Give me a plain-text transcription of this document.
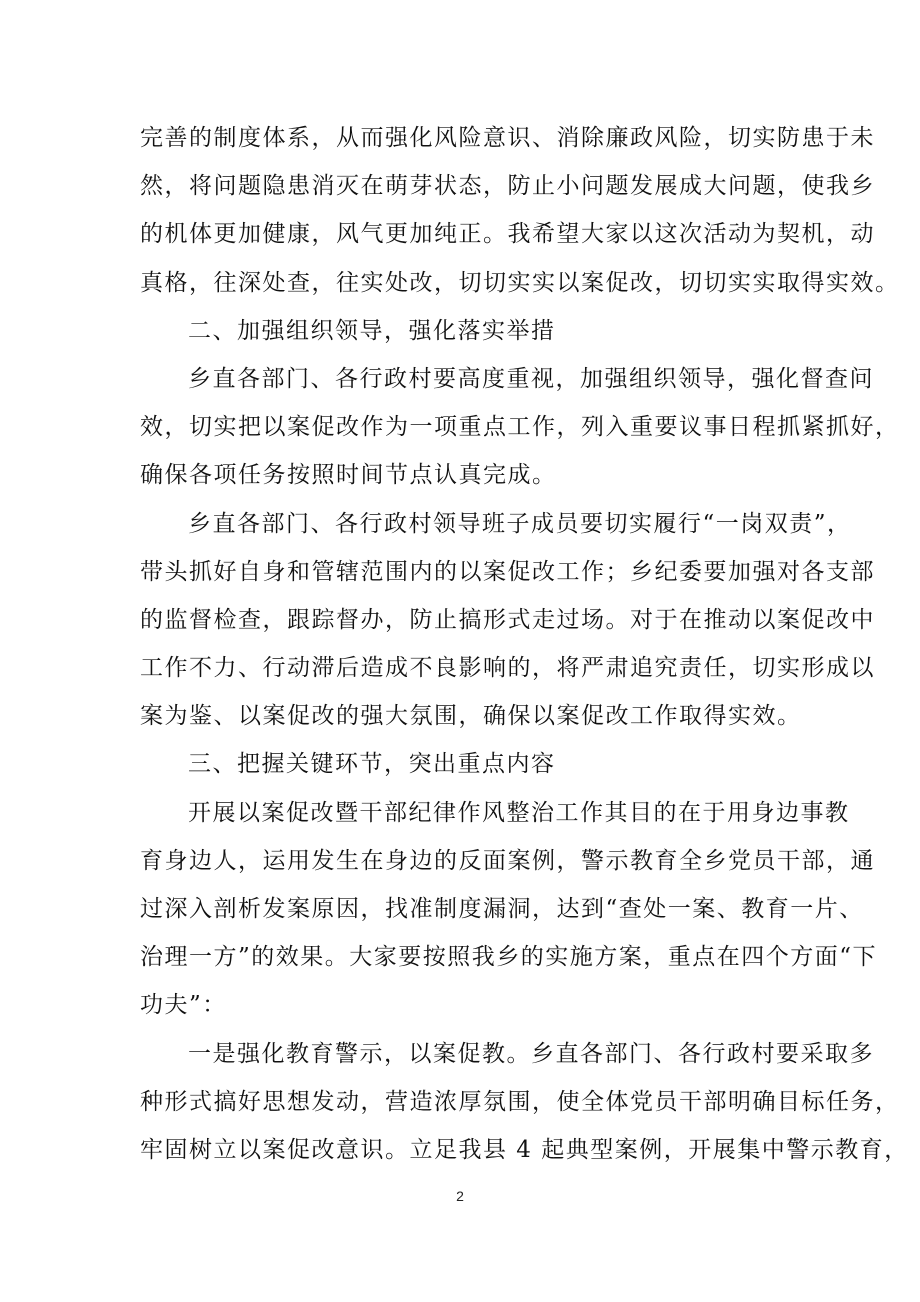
完善的制度体系，从而强化风险意识、消除廉政风险，切实防患于未
然，将问题隐患消灭在萌芽状态，防止小问题发展成大问题，使我乡
的机体更加健康，风气更加纯正。我希望大家以这次活动为契机，动
真格，往深处查，往实处改，切切实实以案促改，切切实实取得实效。
二、加强组织领导，强化落实举措
乡直各部门、各行政村要高度重视，加强组织领导，强化督查问
效，切实把以案促改作为一项重点工作，列入重要议事日程抓紧抓好，
确保各项任务按照时间节点认真完成。
乡直各部门、各行政村领导班子成员要切实履行“一岗双责”，
带头抓好自身和管辖范围内的以案促改工作；乡纪委要加强对各支部
的监督检查，跟踪督办，防止搞形式走过场。对于在推动以案促改中
工作不力、行动滞后造成不良影响的，将严肃追究责任，切实形成以
案为鉴、以案促改的强大氛围，确保以案促改工作取得实效。
三、把握关键环节，突出重点内容
开展以案促改暨干部纪律作风整治工作其目的在于用身边事教
育身边人，运用发生在身边的反面案例，警示教育全乡党员干部，通
过深入剖析发案原因，找准制度漏洞，达到“查处一案、教育一片、
治理一方”的效果。大家要按照我乡的实施方案，重点在四个方面“下
功夫”：
一是强化教育警示，以案促教。乡直各部门、各行政村要采取多
种形式搞好思想发动，营造浓厚氛围，使全体党员干部明确目标任务，
牢固树立以案促改意识。立足我县 4 起典型案例，开展集中警示教育，
2
